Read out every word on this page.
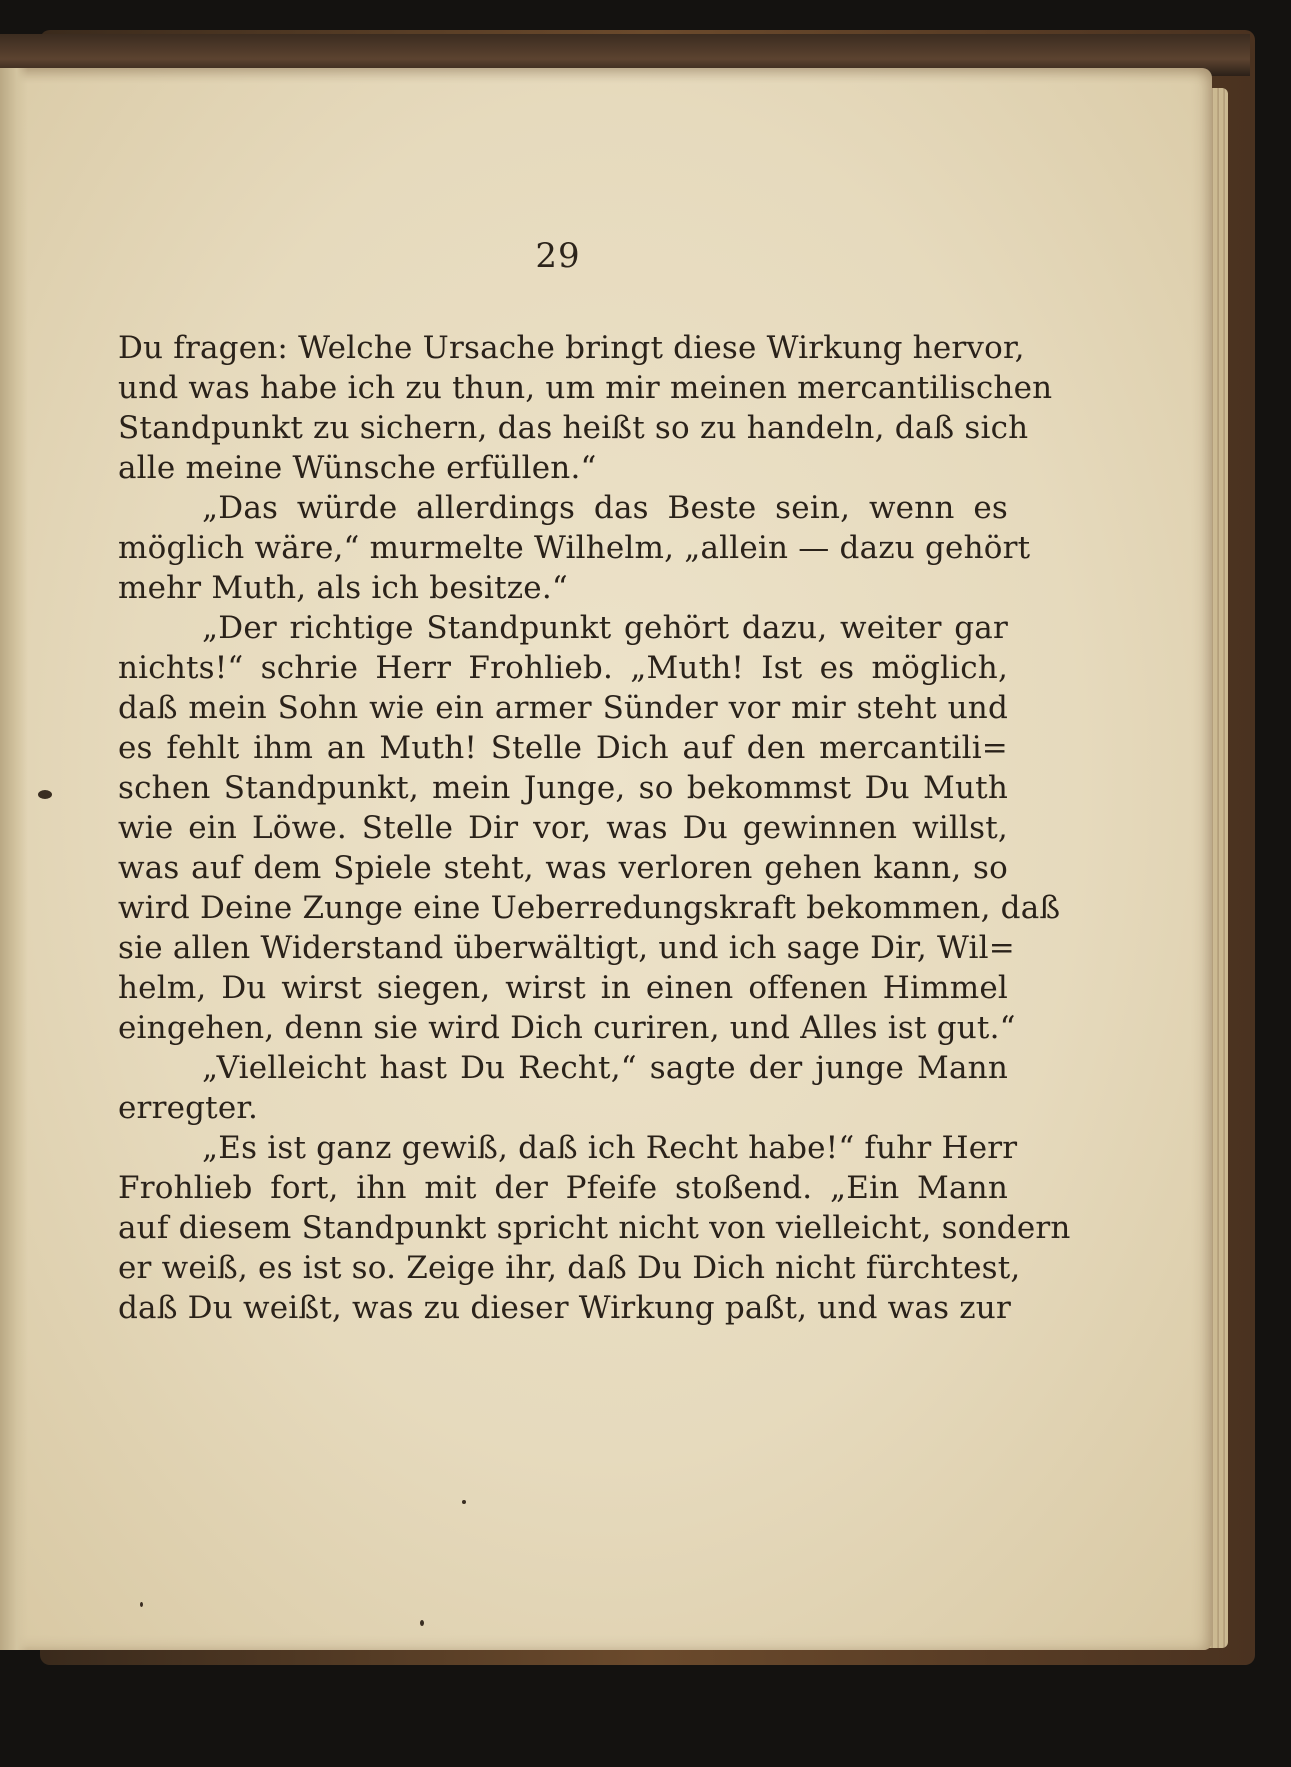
29
Du fragen: Welche Ursache bringt diese Wirkung hervor,
und was habe ich zu thun, um mir meinen mercantilischen
Standpunkt zu sichern, das heißt so zu handeln, daß sich
alle meine Wünsche erfüllen.“
„Das würde allerdings das Beste sein, wenn es
möglich wäre,“ murmelte Wilhelm, „allein — dazu gehört
mehr Muth, als ich besitze.“
„Der richtige Standpunkt gehört dazu, weiter gar
nichts!“ schrie Herr Frohlieb. „Muth! Ist es möglich,
daß mein Sohn wie ein armer Sünder vor mir steht und
es fehlt ihm an Muth! Stelle Dich auf den mercantili=
schen Standpunkt, mein Junge, so bekommst Du Muth
wie ein Löwe. Stelle Dir vor, was Du gewinnen willst,
was auf dem Spiele steht, was verloren gehen kann, so
wird Deine Zunge eine Ueberredungskraft bekommen, daß
sie allen Widerstand überwältigt, und ich sage Dir, Wil=
helm, Du wirst siegen, wirst in einen offenen Himmel
eingehen, denn sie wird Dich curiren, und Alles ist gut.“
„Vielleicht hast Du Recht,“ sagte der junge Mann
erregter.
„Es ist ganz gewiß, daß ich Recht habe!“ fuhr Herr
Frohlieb fort, ihn mit der Pfeife stoßend. „Ein Mann
auf diesem Standpunkt spricht nicht von vielleicht, sondern
er weiß, es ist so. Zeige ihr, daß Du Dich nicht fürchtest,
daß Du weißt, was zu dieser Wirkung paßt, und was zur
